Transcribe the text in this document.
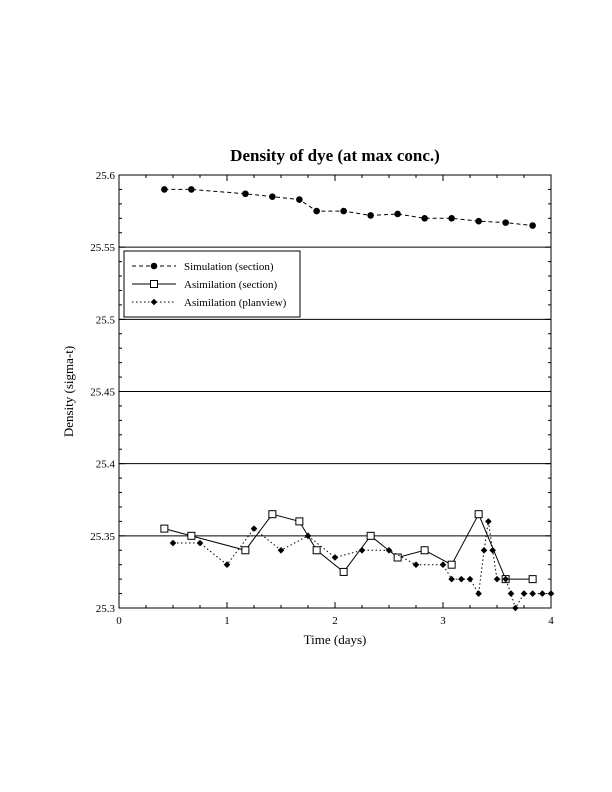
Density of dye (at max conc.)
25.3
25.35
25.4
25.45
25.5
25.55
25.6
0	1	2	3	4
Time (days)
Density (sigma-t)
Simulation (section)
Asimilation (section)
Asimilation (planview)
